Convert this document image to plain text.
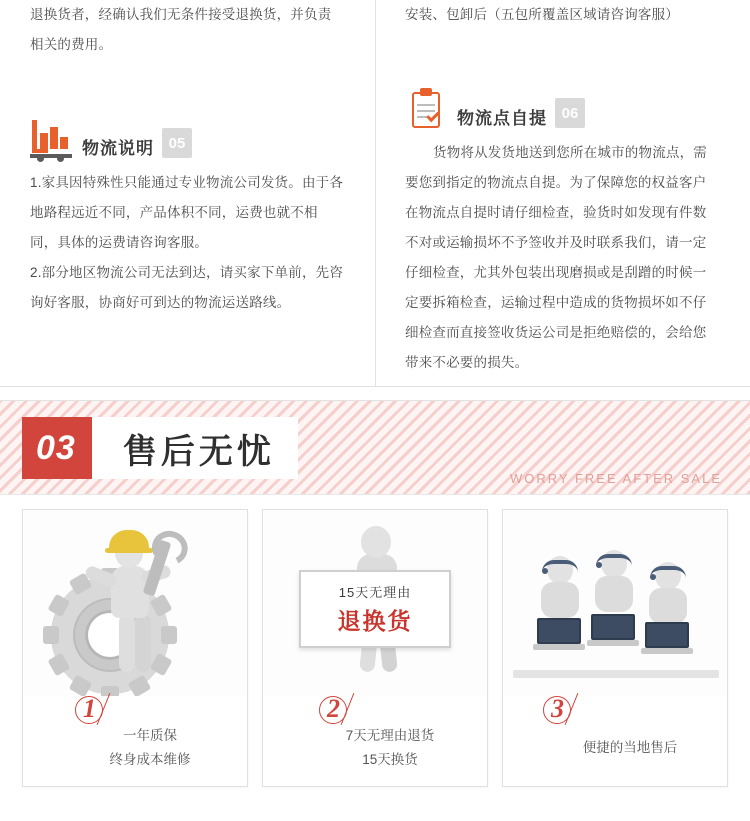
退换货者，经确认我们无条件接受退换货，并负责相关的费用。

物流说明 05

1.家具因特殊性只能通过专业物流公司发货。由于各地路程远近不同，产品体积不同，运费也就不相同，具体的运费请咨询客服。

2.部分地区物流公司无法到达，请买家下单前，先咨询好客服，协商好可到达的物流运送路线。

安装、包卸后（五包所覆盖区域请咨询客服）

物流点自提 06

货物将从发货地送到您所在城市的物流点，需要您到指定的物流点自提。为了保障您的权益客户在物流点自提时请仔细检查，验货时如发现有件数不对或运输损坏不予签收并及时联系我们，请一定仔细检查，尤其外包装出现磨损或是刮蹭的时候一定要拆箱检查，运输过程中造成的货物损坏如不仔细检查而直接签收货运公司是拒绝赔偿的，会给您带来不必要的损失。

03	售后无忧
WORRY FREE AFTER SALE
1
一年质保
终身成本维修
15天无理由
退换货
2
7天无理由退货
15天换货
3
便捷的当地售后
